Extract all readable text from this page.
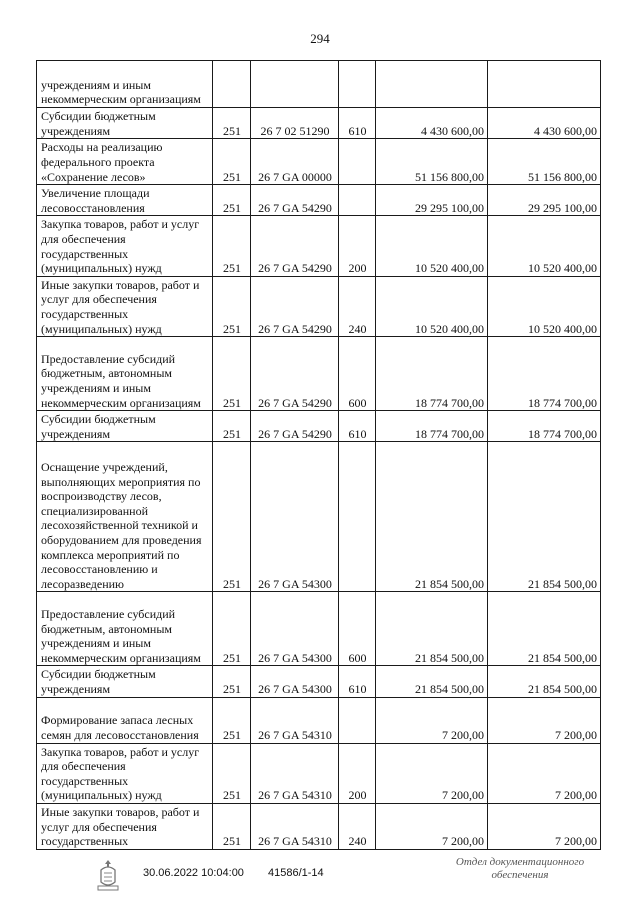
294
учреждениям и иным некоммерческим организациям					
Субсидии бюджетным учреждениям	251	26 7 02 51290	610	4 430 600,00	4 430 600,00
Расходы на реализацию федерального проекта «Сохранение лесов»	251	26 7 GA 00000		51 156 800,00	51 156 800,00
Увеличение площади лесовосстановления	251	26 7 GA 54290		29 295 100,00	29 295 100,00
Закупка товаров, работ и услуг для обеспечения государственных (муниципальных) нужд	251	26 7 GA 54290	200	10 520 400,00	10 520 400,00
Иные закупки товаров, работ и услуг для обеспечения государственных (муниципальных) нужд	251	26 7 GA 54290	240	10 520 400,00	10 520 400,00
Предоставление субсидий бюджетным, автономным учреждениям и иным некоммерческим организациям	251	26 7 GA 54290	600	18 774 700,00	18 774 700,00
Субсидии бюджетным учреждениям	251	26 7 GA 54290	610	18 774 700,00	18 774 700,00
Оснащение учреждений, выполняющих мероприятия по воспроизводству лесов, специализированной лесохозяйственной техникой и оборудованием для проведения комплекса мероприятий по лесовосстановлению и лесоразведению	251	26 7 GA 54300		21 854 500,00	21 854 500,00
Предоставление субсидий бюджетным, автономным учреждениям и иным некоммерческим организациям	251	26 7 GA 54300	600	21 854 500,00	21 854 500,00
Субсидии бюджетным учреждениям	251	26 7 GA 54300	610	21 854 500,00	21 854 500,00
Формирование запаса лесных семян для лесовосстановления	251	26 7 GA 54310		7 200,00	7 200,00
Закупка товаров, работ и услуг для обеспечения государственных (муниципальных) нужд	251	26 7 GA 54310	200	7 200,00	7 200,00
Иные закупки товаров, работ и услуг для обеспечения государственных	251	26 7 GA 54310	240	7 200,00	7 200,00
30.06.2022 10:04:00 41586/1-14
Отдел документационного
обеспечения
